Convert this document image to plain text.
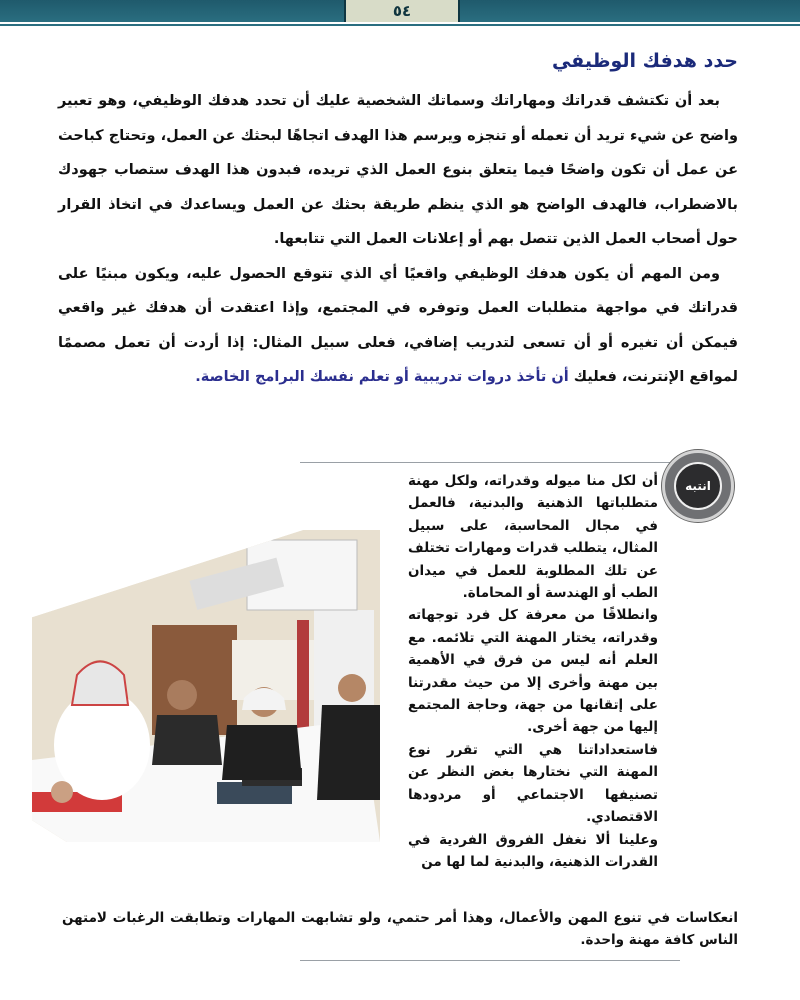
٥٤
حدد هدفك الوظيفي

بعد أن تكتشف قدراتك ومهاراتك وسماتك الشخصية عليك أن تحدد هدفك الوظيفي، وهو تعبير واضح عن شيء تريد أن تعمله أو تنجزه ويرسم هذا الهدف اتجاهًا لبحثك عن العمل، وتحتاج كباحث عن عمل أن تكون واضحًا فيما يتعلق بنوع العمل الذي تريده، فبدون هذا الهدف ستصاب جهودك بالاضطراب، فالهدف الواضح هو الذي ينظم طريقة بحثك عن العمل ويساعدك في اتخاذ القرار حول أصحاب العمل الذين تتصل بهم أو إعلانات العمل التي تتابعها.

ومن المهم أن يكون هدفك الوظيفي واقعيًا أي الذي تتوقع الحصول عليه، ويكون مبنيًا على قدراتك في مواجهة متطلبات العمل وتوفره في المجتمع، وإذا اعتقدت أن هدفك غير واقعي فيمكن أن تغيره أو أن تسعى لتدريب إضافي، فعلى سبيل المثال: إذا أردت أن تعمل مصممًا لمواقع الإنترنت، فعليك أن تأخذ دروات تدريبية أو تعلم نفسك البرامج الخاصة.

انتبه

أن لكل منا ميوله وقدراته، ولكل مهنة متطلباتها الذهنية والبدنية، فالعمل في مجال المحاسبة، على سبيل المثال، يتطلب قدرات ومهارات تختلف عن تلك المطلوبة للعمل في ميدان الطب أو الهندسة أو المحاماة.

وانطلاقًا من معرفة كل فرد توجهاته وقدراته، يختار المهنة التي تلائمه. مع العلم أنه ليس من فرق في الأهمية بين مهنة وأخرى إلا من حيث مقدرتنا على إتقانها من جهة، وحاجة المجتمع إليها من جهة أخرى.

فاستعداداتنا هي التي تقرر نوع المهنة التي نختارها بغض النظر عن تصنيفها الاجتماعي أو مردودها الاقتصادي.

وعلينا ألا نغفل الفروق الفردية في القدرات الذهنية، والبدنية لما لها من

انعكاسات في تنوع المهن والأعمال، وهذا أمر حتمي، ولو تشابهت المهارات وتطابقت الرغبات لامتهن الناس كافة مهنة واحدة.
